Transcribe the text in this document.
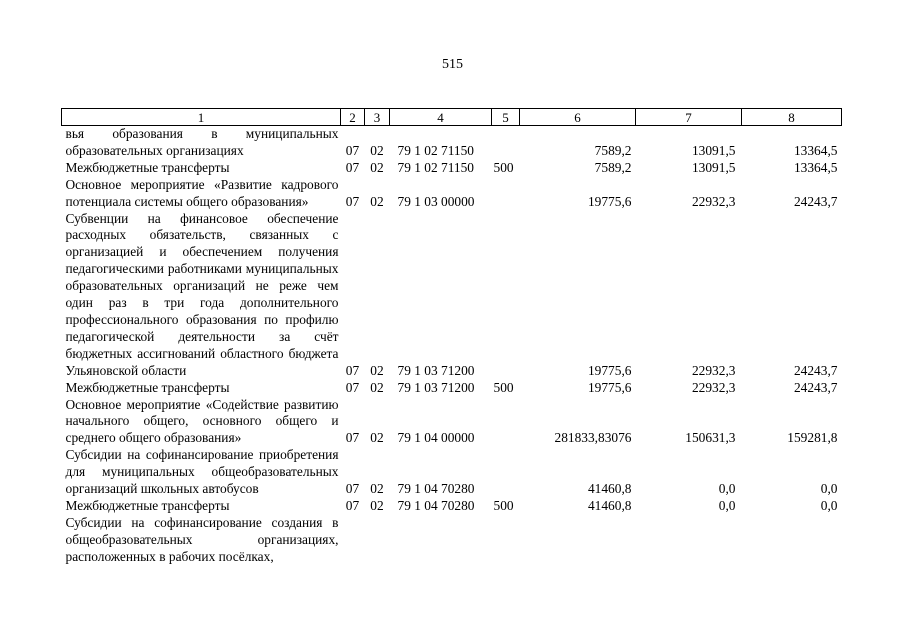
515
1	2	3	4	5	6	7	8
вья образования в муниципальных образовательных организациях	07	02	79 1 02 71150		7589,2	13091,5	13364,5
Межбюджетные трансферты	07	02	79 1 02 71150	500	7589,2	13091,5	13364,5
Основное мероприятие «Развитие кадрового потенциала системы общего образования»	07	02	79 1 03 00000		19775,6	22932,3	24243,7
Субвенции на финансовое обеспечение расходных обязательств, связанных с организацией и обеспечением получения педагогическими работниками муниципальных образовательных организаций не реже чем один раз в три года дополнительного профессионального образования по профилю педагогической деятельности за счёт бюджетных ассигнований областного бюджета Ульяновской области	07	02	79 1 03 71200		19775,6	22932,3	24243,7
Межбюджетные трансферты	07	02	79 1 03 71200	500	19775,6	22932,3	24243,7
Основное мероприятие «Содействие развитию начального общего, основного общего и среднего общего образования»	07	02	79 1 04 00000		281833,83076	150631,3	159281,8
Субсидии на софинансирование приобретения для муниципальных общеобразовательных организаций школьных автобусов	07	02	79 1 04 70280		41460,8	0,0	0,0
Межбюджетные трансферты	07	02	79 1 04 70280	500	41460,8	0,0	0,0
Субсидии на софинансирование создания в общеобразовательных организациях, расположенных в рабочих посёлках,							
